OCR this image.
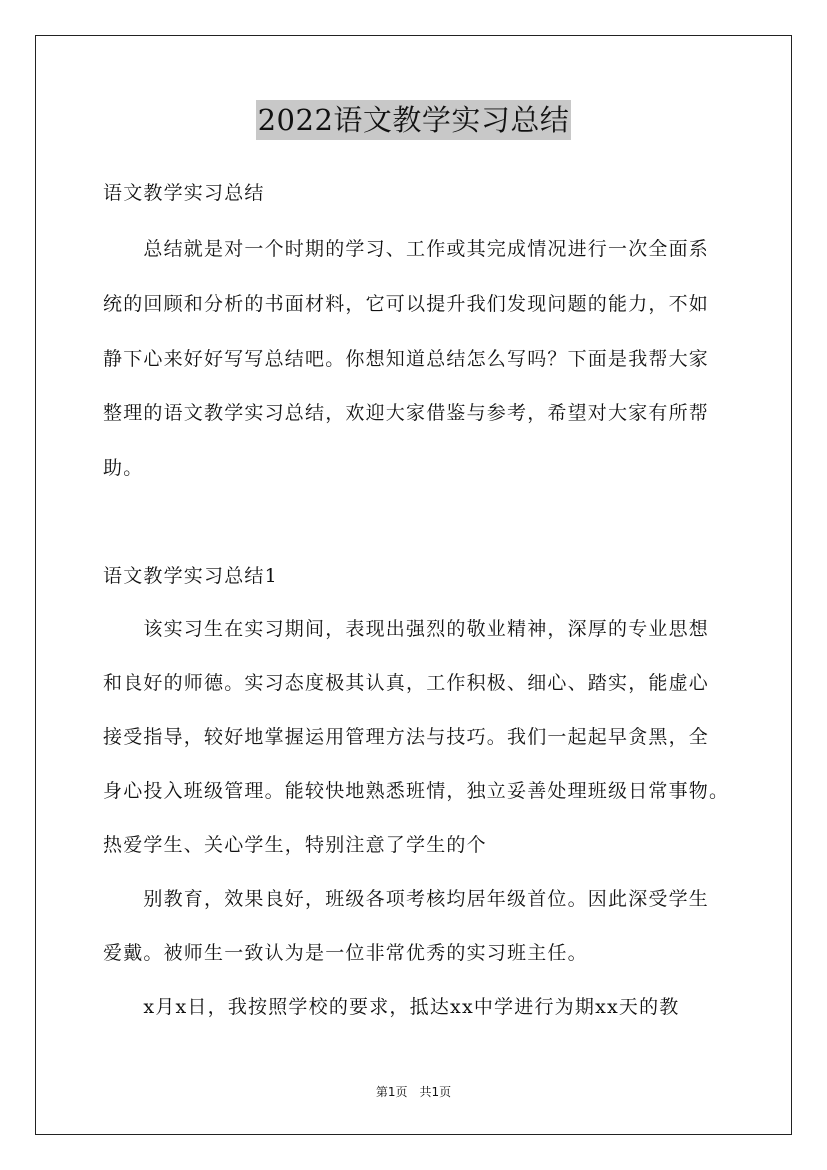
2022语文教学实习总结
语文教学实习总结
　　总结就是对一个时期的学习、工作或其完成情况进行一次全面系
统的回顾和分析的书面材料，它可以提升我们发现问题的能力，不如
静下心来好好写写总结吧。你想知道总结怎么写吗？下面是我帮大家
整理的语文教学实习总结，欢迎大家借鉴与参考，希望对大家有所帮
助。
语文教学实习总结1
　　该实习生在实习期间，表现出强烈的敬业精神，深厚的专业思想
和良好的师德。实习态度极其认真，工作积极、细心、踏实，能虚心
接受指导，较好地掌握运用管理方法与技巧。我们一起起早贪黑，全
身心投入班级管理。能较快地熟悉班情，独立妥善处理班级日常事物。
热爱学生、关心学生，特别注意了学生的个
　　别教育，效果良好，班级各项考核均居年级首位。因此深受学生
爱戴。被师生一致认为是一位非常优秀的实习班主任。
　　x月x日，我按照学校的要求，抵达xx中学进行为期xx天的教
第1页　共1页
